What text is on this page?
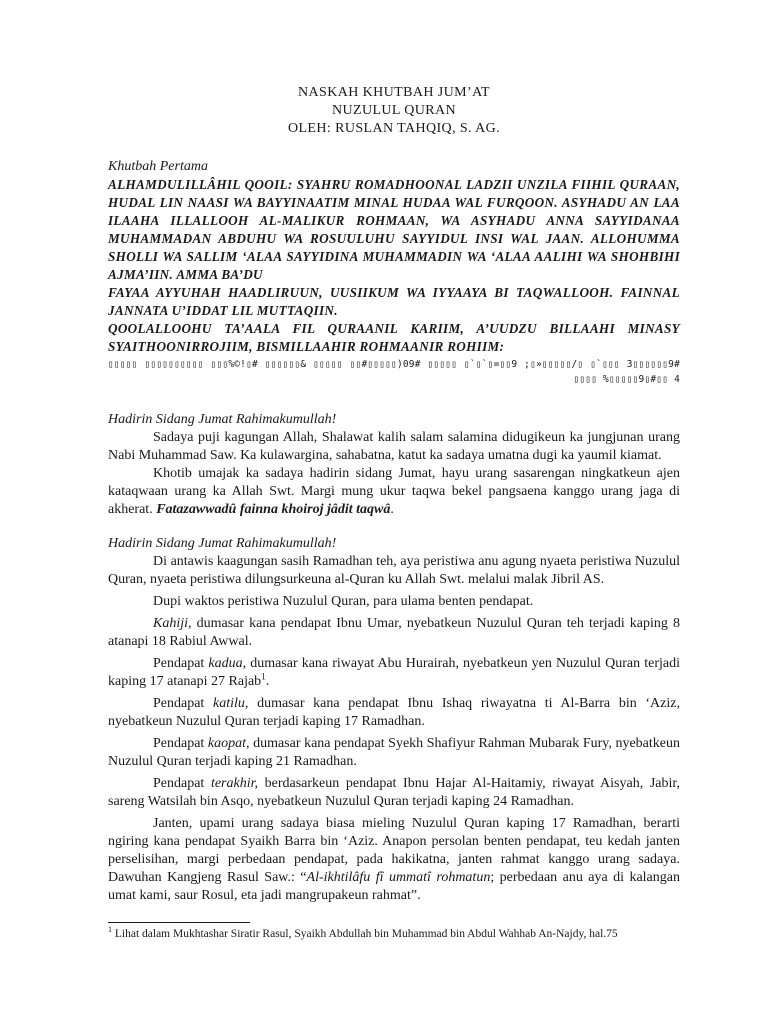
NASKAH KHUTBAH JUM’AT
NUZULUL QURAN
OLEH: RUSLAN TAHQIQ, S. AG.
Khutbah Pertama

ALHAMDULILLÂHIL QOOIL: SYAHRU ROMADHOONAL LADZII UNZILA FIIHIL QURAAN, HUDAL LIN NAASI WA BAYYINAATIM MINAL HUDAA WAL FURQOON. ASYHADU AN LAA ILAAHA ILLALLOOH AL-MALIKUR ROHMAAN, WA ASYHADU ANNA SAYYIDANAA MUHAMMADAN ABDUHU WA ROSUULUHU SAYYIDUL INSI WAL JAAN. ALLOHUMMA SHOLLI WA SALLIM ‘ALAA SAYYIDINA MUHAMMADIN WA ‘ALAA AALIHI WA SHOHBIHI AJMA’IIN. AMMA BA’DU

FAYAA AYYUHAH HAADLIRUUN, UUSIIKUM WA IYYAAYA BI TAQWALLOOH. FAINNAL JANNATA U’IDDAT LIL MUTTAQIIN.

QOOLALLOOHU TA’AALA FIL QURAANIL KARIIM, A’UUDZU BILLAAHI MINASY SYAITHOONIRROJIIM, BISMILLAAHIR ROHMAANIR ROHIIM:

▯▯▯▯▯ ▯▯▯▯▯▯▯▯▯▯ ▯▯▯%©!▯# ▯▯▯▯▯▯& ▯▯▯▯▯ ▯▯#▯▯▯▯▯)09# ▯▯▯▯▯ ▯`▯`▯=▯▯9 ;▯»▯▯▯▯▯/▯ ▯`▯▯▯ 3▯▯▯▯▯▯9# ▯▯▯▯ %▯▯▯▯▯9▯#▯▯ 4

Hadirin Sidang Jumat Rahimakumullah!

Sadaya puji kagungan Allah, Shalawat kalih salam salamina didugikeun ka jungjunan urang Nabi Muhammad Saw. Ka kulawargina, sahabatna, katut ka sadaya umatna dugi ka yaumil kiamat.

Khotib umajak ka sadaya hadirin sidang Jumat, hayu urang sasarengan ningkatkeun ajen kataqwaan urang ka Allah Swt. Margi mung ukur taqwa bekel pangsaena kanggo urang jaga di akherat. Fatazawwadû fainna khoiroj jâdit taqwâ.

Hadirin Sidang Jumat Rahimakumullah!

Di antawis kaagungan sasih Ramadhan teh, aya peristiwa anu agung nyaeta peristiwa Nuzulul Quran, nyaeta peristiwa dilungsurkeuna al-Quran ku Allah Swt. melalui malak Jibril AS.

Dupi waktos peristiwa Nuzulul Quran, para ulama benten pendapat.

Kahiji, dumasar kana pendapat Ibnu Umar, nyebatkeun Nuzulul Quran teh terjadi kaping 8 atanapi 18 Rabiul Awwal.

Pendapat kadua, dumasar kana riwayat Abu Hurairah, nyebatkeun yen Nuzulul Quran terjadi kaping 17 atanapi 27 Rajab$^1$.

Pendapat katilu, dumasar kana pendapat Ibnu Ishaq riwayatna ti Al-Barra bin ‘Aziz, nyebatkeun Nuzulul Quran terjadi kaping 17 Ramadhan.

Pendapat kaopat, dumasar kana pendapat Syekh Shafiyur Rahman Mubarak Fury, nyebatkeun Nuzulul Quran terjadi kaping 21 Ramadhan.

Pendapat terakhir, berdasarkeun pendapat Ibnu Hajar Al-Haitamiy, riwayat Aisyah, Jabir, sareng Watsilah bin Asqo, nyebatkeun Nuzulul Quran terjadi kaping 24 Ramadhan.

Janten, upami urang sadaya biasa mieling Nuzulul Quran kaping 17 Ramadhan, berarti ngiring kana pendapat Syaikh Barra bin ‘Aziz. Anapon persolan benten pendapat, teu kedah janten perselisihan, margi perbedaan pendapat, pada hakikatna, janten rahmat kanggo urang sadaya. Dawuhan Kangjeng Rasul Saw.: “Al-ikhtilâfu fî ummatî rohmatun; perbedaan anu aya di kalangan umat kami, saur Rosul, eta jadi mangrupakeun rahmat”.

$^1$ Lihat dalam Mukhtashar Siratir Rasul, Syaikh Abdullah bin Muhammad bin Abdul Wahhab An-Najdy, hal.75
